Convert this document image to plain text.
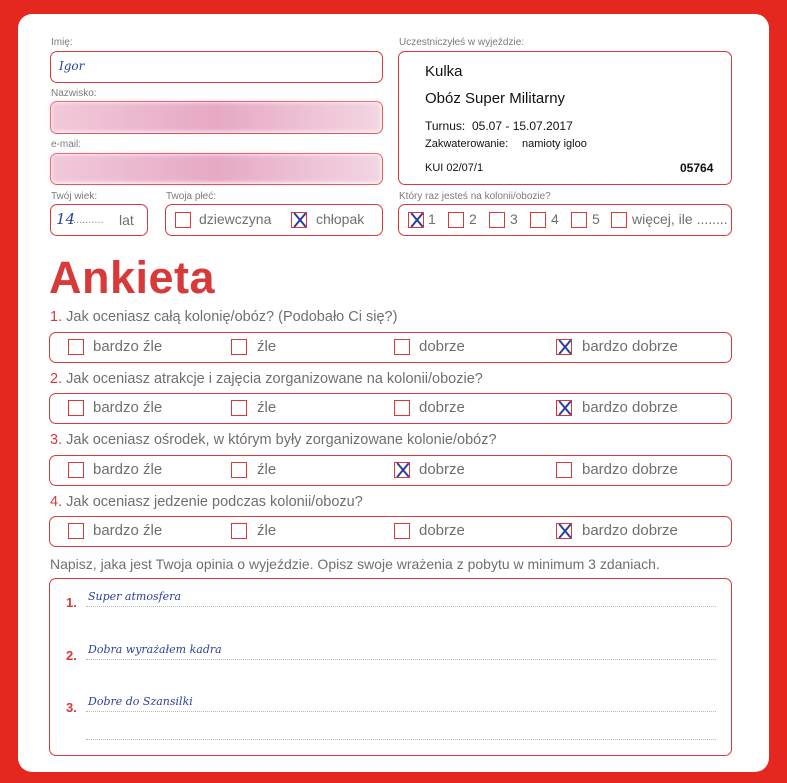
Imię:
Igor
Nazwisko:
e-mail:
Twój wiek:
14
.......... lat
Twoja płeć:
dziewczyna	chłopak
Uczestniczyłeś w wyjeździe:
Kulka
Obóz Super Militarny
Turnus: 05.07 - 15.07.2017
Zakwaterowanie: namioty igloo
KUI 02/07/1	05764
Który raz jesteś na kolonii/obozie?
1 2 3 4 5 więcej, ile ........
Ankieta
1. Jak oceniasz całą kolonię/obóz? (Podobało Ci się?)
bardzo źle	źle	dobrze	bardzo dobrze
2. Jak oceniasz atrakcje i zajęcia zorganizowane na kolonii/obozie?
bardzo źle	źle	dobrze	bardzo dobrze
3. Jak oceniasz ośrodek, w którym były zorganizowane kolonie/obóz?
bardzo źle	źle	dobrze	bardzo dobrze
4. Jak oceniasz jedzenie podczas kolonii/obozu?
bardzo źle	źle	dobrze	bardzo dobrze
Napisz, jaka jest Twoja opinia o wyjeździe. Opisz swoje wrażenia z pobytu w minimum 3 zdaniach.
1. Super atmosfera
2. Dobra wyrażałem kadra
3. Dobre do Szansilki
